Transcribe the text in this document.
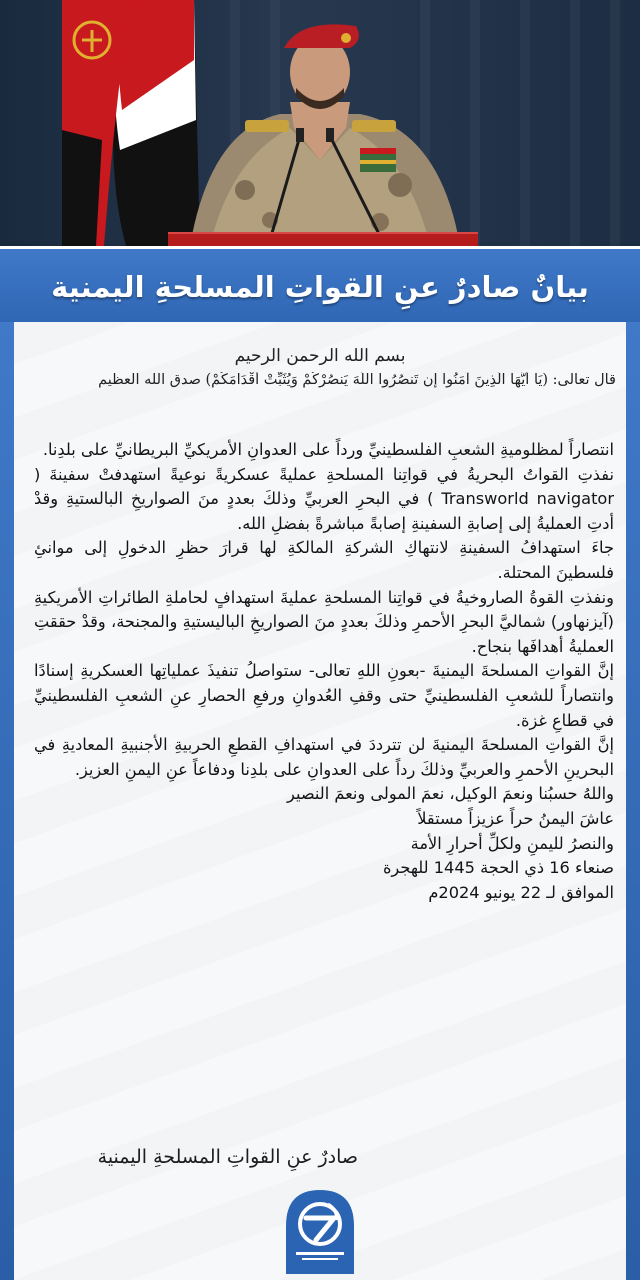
بيانٌ صادرٌ عنِ القواتِ المسلحةِ اليمنية
بسم الله الرحمن الرحيم
قال تعالى: (يَا أَيُّهَا الَّذِينَ آمَنُوا إِن تَنصُرُوا اللَّهَ يَنصُرْكُمْ وَيُثَبِّتْ أَقْدَامَكُمْ) صدق الله العظيم

انتصاراً لمظلوميةِ الشعبِ الفلسطينيِّ ورداً على العدوانِ الأمريكيِّ البريطانيِّ على بلدِنا.

نفذتِ القواتُ البحريةُ في قواتِنا المسلحةِ عمليةً عسكريةً نوعيةً استهدفتْ سفينةَ ( Transworld navigator ) في البحرِ العربيِّ وذلكَ بعددٍ منَ الصواريخِ البالستيةِ وقدْ أدتِ العمليةُ إلى إصابةِ السفينةِ إصابةً مباشرةً بفضلِ الله.

جاءَ استهدافُ السفينةِ لانتهاكِ الشركةِ المالكةِ لها قرارَ حظرِ الدخولِ إلى موانئِ فلسطينَ المحتلة.

ونفذتِ القوةُ الصاروخيةُ في قواتِنا المسلحةِ عمليةَ استهدافٍ لحاملةِ الطائراتِ الأمريكيةِ (آيزنهاور) شماليَّ البحرِ الأحمرِ وذلكَ بعددٍ منَ الصواريخِ الباليستيةِ والمجنحة، وقدْ حققتِ العمليةُ أهدافَها بنجاح.

إنَّ القواتِ المسلحةَ اليمنيةَ -بعونِ اللهِ تعالى- ستواصلُ تنفيذَ عملياتِها العسكريةِ إسنادًا وانتصاراً للشعبِ الفلسطينيِّ حتى وقفِ العُدوانِ ورفعِ الحصارِ عنِ الشعبِ الفلسطينيِّ في قطاعِ غزة.

إنَّ القواتِ المسلحةَ اليمنيةَ لن تترددَ في استهدافِ القطعِ الحربيةِ الأجنبيةِ المعاديةِ في البحرينِ الأحمرِ والعربيِّ وذلكَ رداً على العدوانِ على بلدِنا ودفاعاً عنِ اليمنِ العزيز.

واللهُ حسبُنا ونعمَ الوكيل، نعمَ المولى ونعمَ النصير

عاشَ اليمنُ حراً عزيزاً مستقلاً

والنصرُ لليمنِ ولكلِّ أحرارِ الأمة

صنعاء 16 ذي الحجة 1445 للهجرة

الموافق لـ 22 يونيو 2024م

صادرٌ عنِ القواتِ المسلحةِ اليمنية
